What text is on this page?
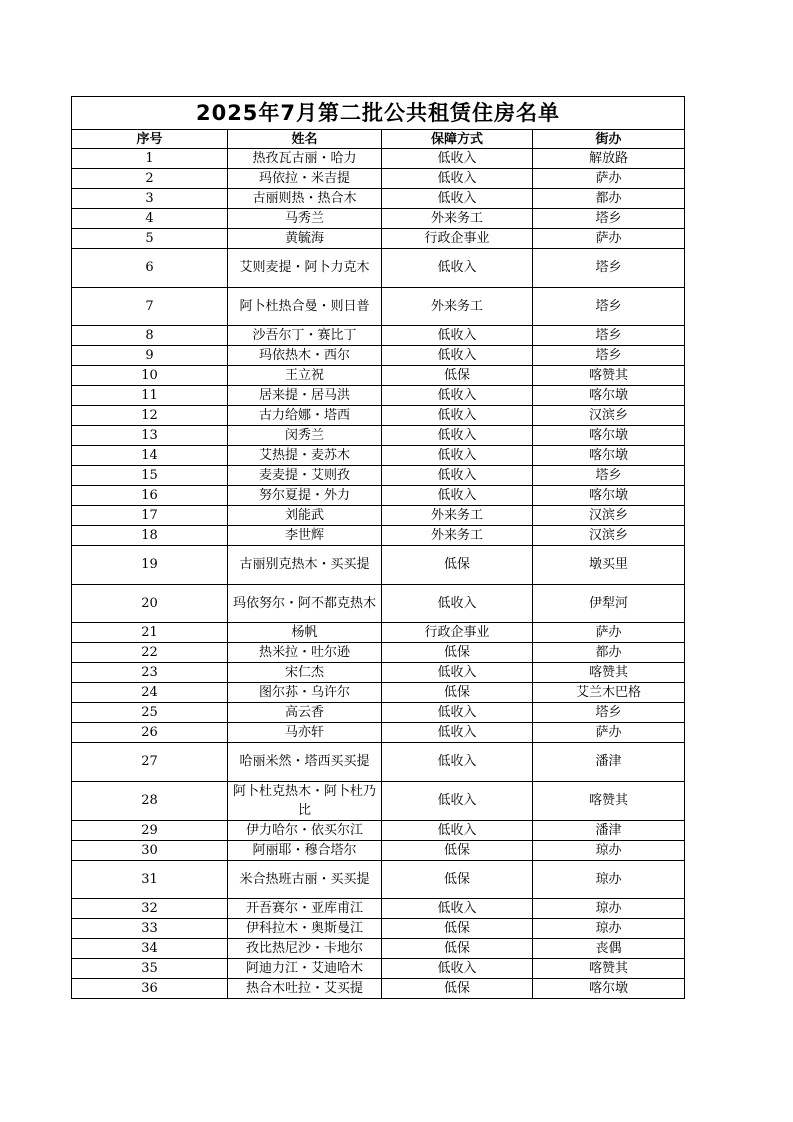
2025年7月第二批公共租赁住房名单			
序号	姓名	保障方式	街办
1	热孜瓦古丽・哈力	低收入	解放路
2	玛依拉・米吉提	低收入	萨办
3	古丽则热・热合木	低收入	都办
4	马秀兰	外来务工	塔乡
5	黄毓海	行政企事业	萨办
6	艾则麦提・阿卜力克木	低收入	塔乡
7	阿卜杜热合曼・则日普	外来务工	塔乡
8	沙吾尔丁・赛比丁	低收入	塔乡
9	玛依热木・西尔	低收入	塔乡
10	王立祝	低保	喀赞其
11	居来提・居马洪	低收入	喀尔墩
12	古力给娜・塔西	低收入	汉滨乡
13	闵秀兰	低收入	喀尔墩
14	艾热提・麦苏木	低收入	喀尔墩
15	麦麦提・艾则孜	低收入	塔乡
16	努尔夏提・外力	低收入	喀尔墩
17	刘能武	外来务工	汉滨乡
18	李世辉	外来务工	汉滨乡
19	古丽别克热木・买买提	低保	墩买里
20	玛依努尔・阿不都克热木	低收入	伊犁河
21	杨帆	行政企事业	萨办
22	热米拉・吐尔逊	低保	都办
23	宋仁杰	低收入	喀赞其
24	图尔荪・乌许尔	低保	艾兰木巴格
25	高云香	低收入	塔乡
26	马亦轩	低收入	萨办
27	哈丽米然・塔西买买提	低收入	潘津
28	阿卜杜克热木・阿卜杜乃比	低收入	喀赞其
29	伊力哈尔・依买尔江	低收入	潘津
30	阿丽耶・穆合塔尔	低保	琼办
31	米合热班古丽・买买提	低保	琼办
32	开吾赛尔・亚库甫江	低收入	琼办
33	伊科拉木・奥斯曼江	低保	琼办
34	孜比热尼沙・卡地尔	低保	丧偶
35	阿迪力江・艾迪哈木	低收入	喀赞其
36	热合木吐拉・艾买提	低保	喀尔墩
